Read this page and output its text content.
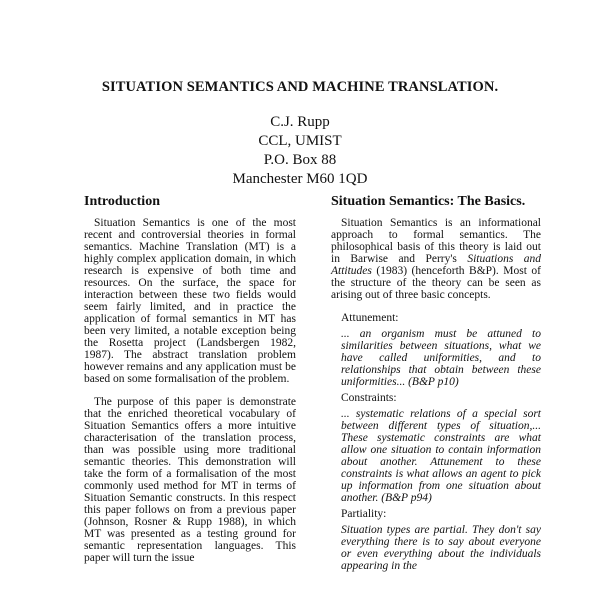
SITUATION SEMANTICS AND MACHINE TRANSLATION.
C.J. Rupp
CCL, UMIST
P.O. Box 88
Manchester M60 1QD
Introduction
Situation Semantics is one of the most recent and controversial theories in formal semantics. Machine Translation (MT) is a highly complex application domain, in which research is expensive of both time and resources. On the surface, the space for interaction between these two fields would seem fairly limited, and in practice the application of formal semantics in MT has been very limited, a notable exception being the Rosetta project (Landsbergen 1982, 1987). The abstract translation problem however remains and any application must be based on some formalisation of the problem.
The purpose of this paper is demonstrate that the enriched theoretical vocabulary of Situation Semantics offers a more intuitive characterisation of the translation process, than was possible using more traditional semantic theories. This demonstration will take the form of a formalisation of the most commonly used method for MT in terms of Situation Semantic constructs. In this respect this paper follows on from a previous paper (Johnson, Rosner & Rupp 1988), in which MT was presented as a testing ground for semantic representation languages. This paper will turn the issue
Situation Semantics: The Basics.
Situation Semantics is an informational approach to formal semantics. The philosophical basis of this theory is laid out in Barwise and Perry's Situations and Attitudes (1983) (henceforth B&P). Most of the structure of the theory can be seen as arising out of three basic concepts.
Attunement:
... an organism must be attuned to similarities between situations, what we have called uniformities, and to relationships that obtain between these uniformities... (B&P p10)
Constraints:
... systematic relations of a special sort between different types of situation,... These systematic constraints are what allow one situation to contain information about another. Attunement to these constraints is what allows an agent to pick up information from one situation about another. (B&P p94)
Partiality:
Situation types are partial. They don't say everything there is to say about everyone or even everything about the individuals appearing in the
